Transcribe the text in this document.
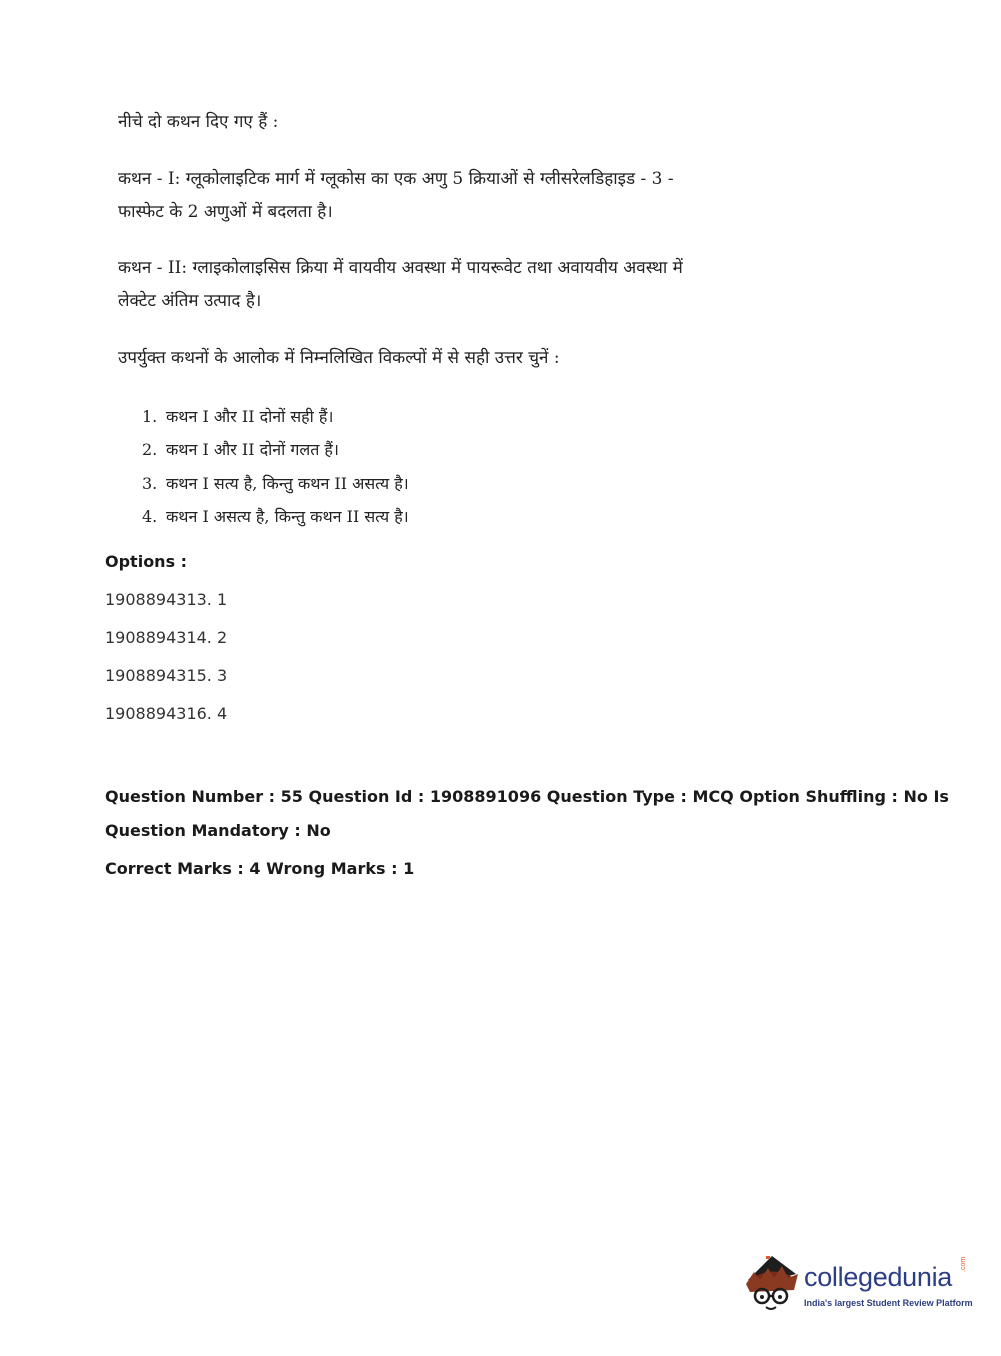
नीचे दो कथन दिए गए हैं :
कथन - I: ग्लूकोलाइटिक मार्ग में ग्लूकोस का एक अणु 5 क्रियाओं से ग्लीसरेलडिहाइड - 3 -
फास्फेट के 2 अणुओं में बदलता है।
कथन - II: ग्लाइकोलाइसिस क्रिया में वायवीय अवस्था में पायरूवेट तथा अवायवीय अवस्था में
लेक्टेट अंतिम उत्पाद है।
उपर्युक्त कथनों के आलोक में निम्नलिखित विकल्पों में से सही उत्तर चुनें :
1. कथन I और II दोनों सही हैं।
2. कथन I और II दोनों गलत हैं।
3. कथन I सत्य है, किन्तु कथन II असत्य है।
4. कथन I असत्य है, किन्तु कथन II सत्य है।
Options :
1908894313. 1
1908894314. 2
1908894315. 3
1908894316. 4
Question Number : 55 Question Id : 1908891096 Question Type : MCQ Option Shuffling : No Is
Question Mandatory : No
Correct Marks : 4 Wrong Marks : 1
collegedunia .com
India's largest Student Review Platform
